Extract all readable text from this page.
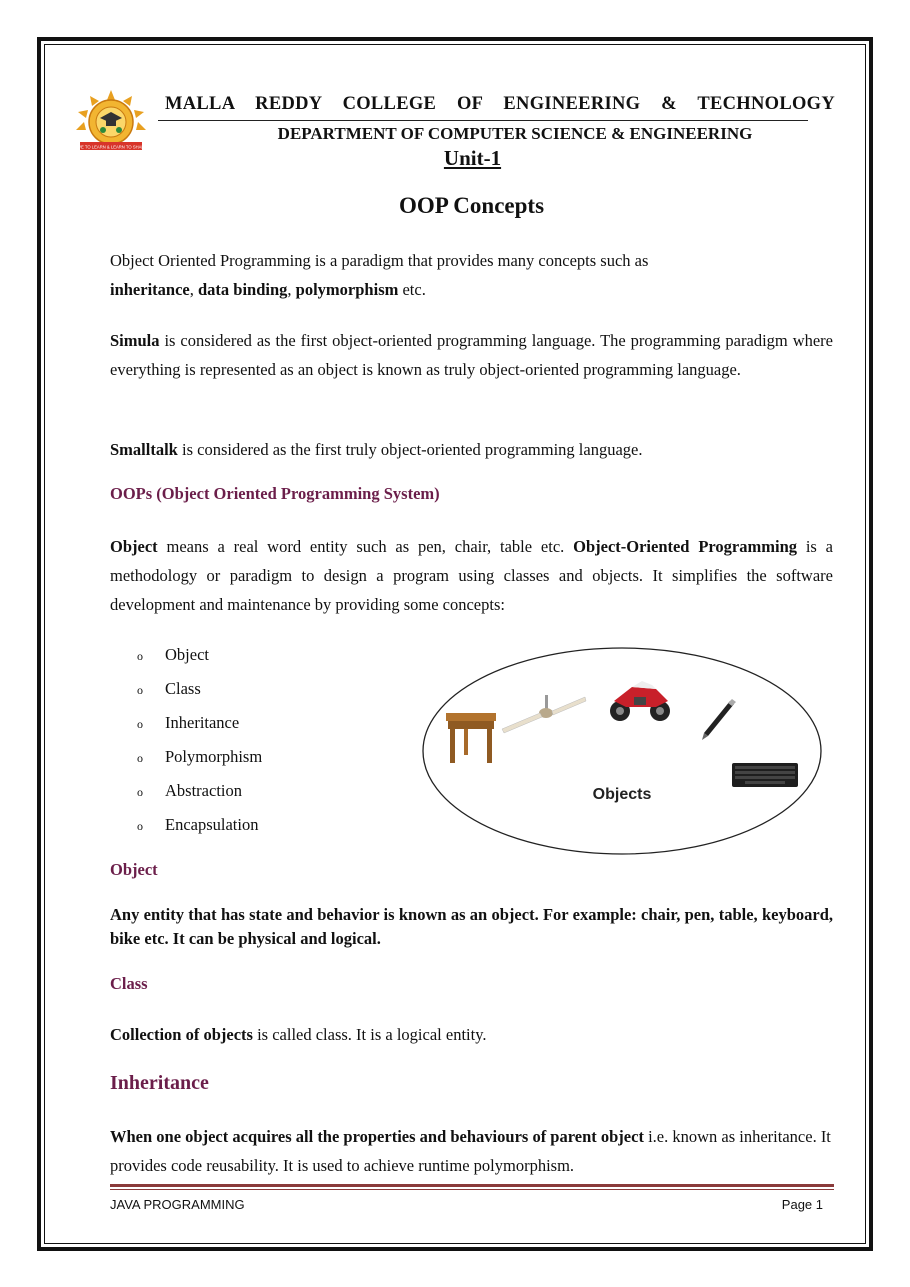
LIVE TO LEARN & LEARN TO SHARE
MALLA REDDY COLLEGE OF ENGINEERING & TECHNOLOGY
DEPARTMENT OF COMPUTER SCIENCE & ENGINEERING
Unit-1
OOP Concepts
Object Oriented Programming is a paradigm that provides many concepts such as
inheritance, data binding, polymorphism etc.
Simula is considered as the first object-oriented programming language. The programming paradigm where everything is represented as an object is known as truly object-oriented programming language.
Smalltalk is considered as the first truly object-oriented programming language.
OOPs (Object Oriented Programming System)
Object means a real word entity such as pen, chair, table etc. Object-Oriented Programming is a methodology or paradigm to design a program using classes and objects. It simplifies the software development and maintenance by providing some concepts:
o Object
o Class
o Inheritance
o Polymorphism
o Abstraction
o Encapsulation
Objects
Object
Any entity that has state and behavior is known as an object. For example: chair, pen, table, keyboard, bike etc. It can be physical and logical.
Class
Collection of objects is called class. It is a logical entity.
Inheritance
When one object acquires all the properties and behaviours of parent object i.e. known as inheritance. It provides code reusability. It is used to achieve runtime polymorphism.
JAVA PROGRAMMING	Page 1
